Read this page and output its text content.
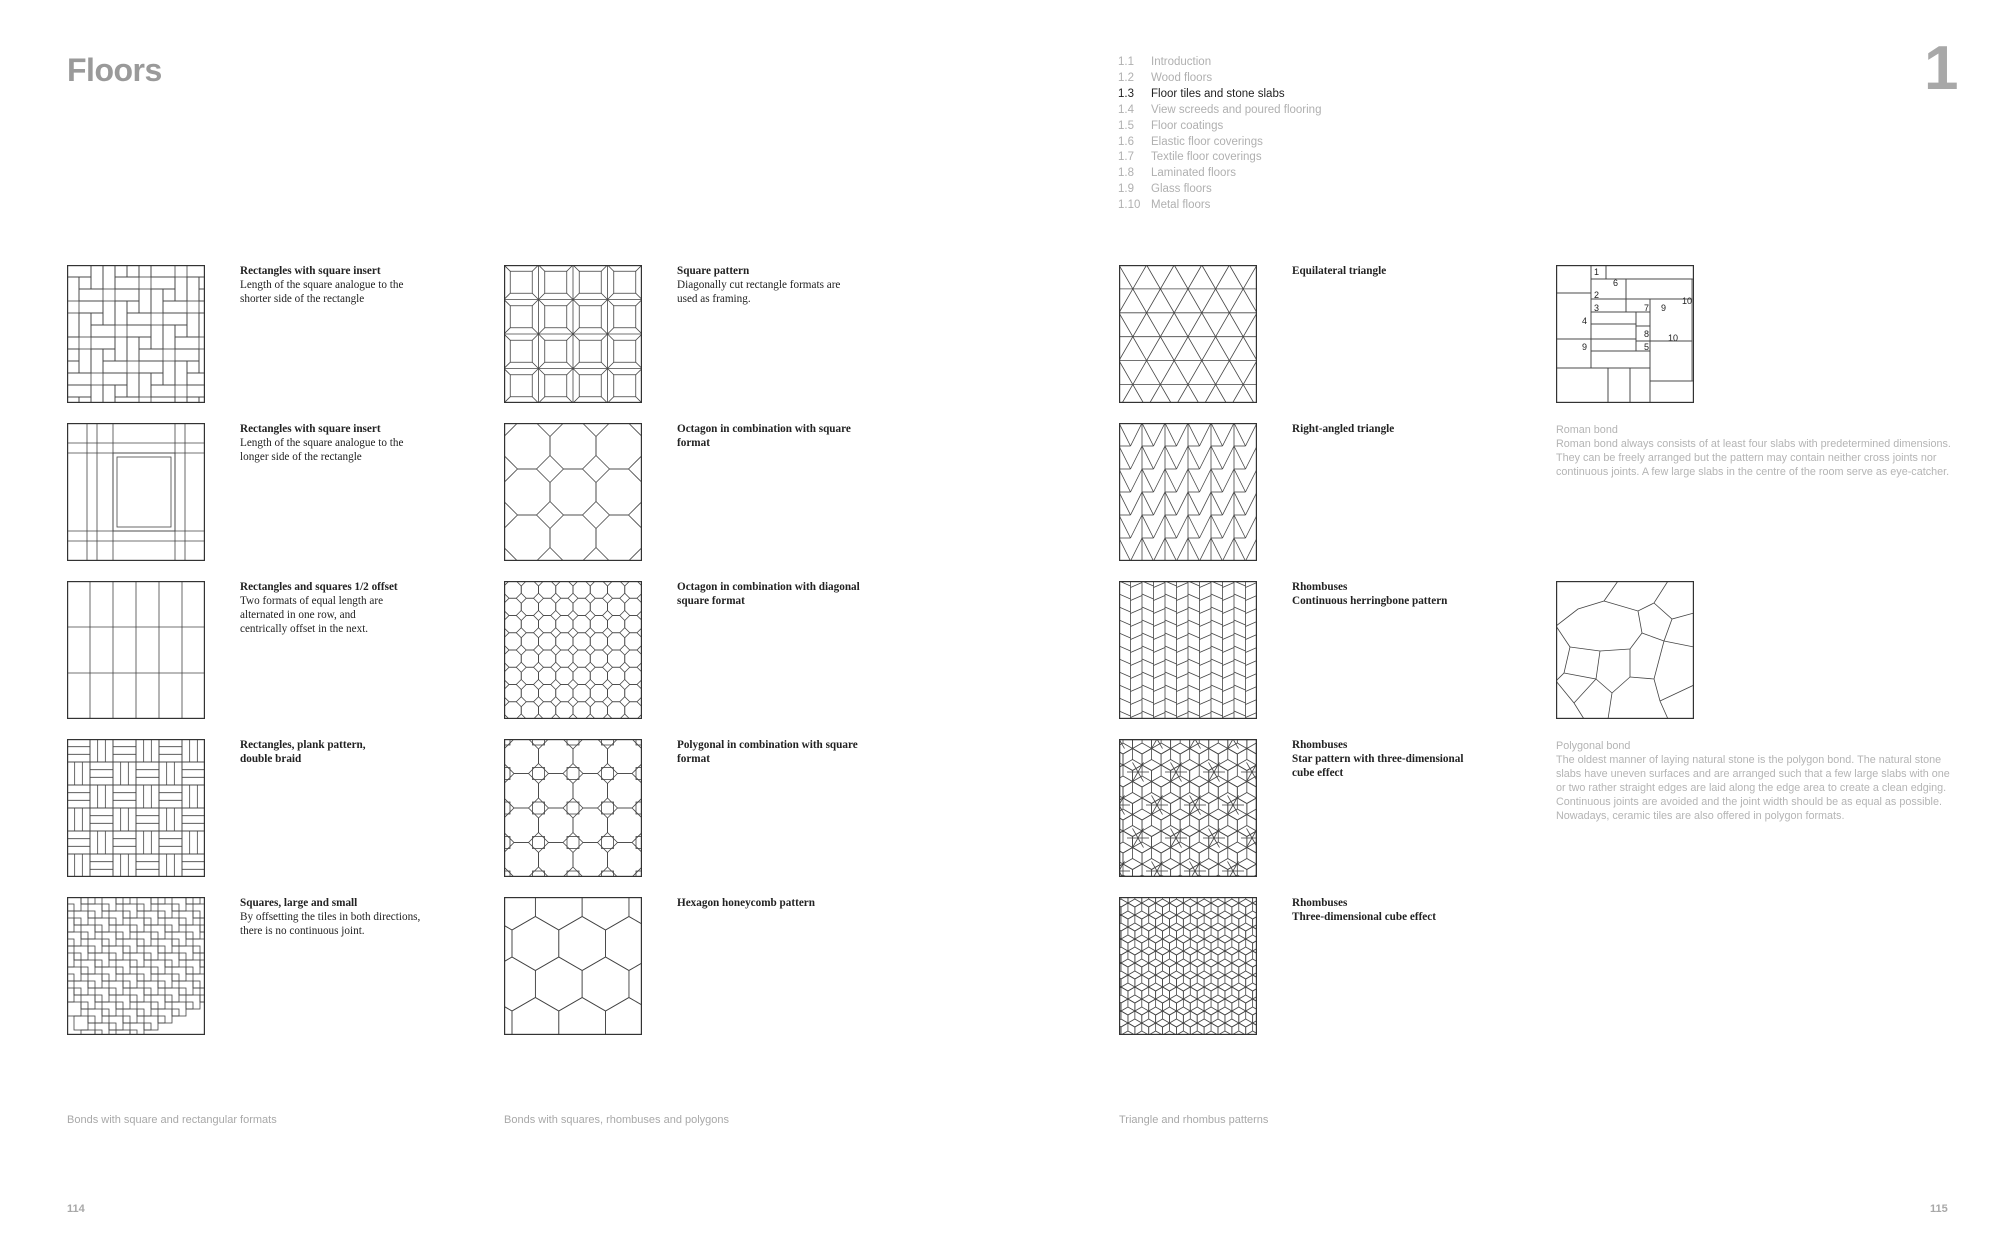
Floors	1
1.1	Introduction
1.2	Wood floors
1.3	Floor tiles and stone slabs
1.4	View screeds and poured flooring
1.5	Floor coatings
1.6	Elastic floor coverings
1.7	Textile floor coverings
1.8	Laminated floors
1.9	Glass floors
1.10 Metal floors
Rectangles with square insert
Length of the square analogue to the shorter side of the rectangle
Rectangles with square insert
Length of the square analogue to the longer side of the rectangle
Rectangles and squares 1/2 offset
Two formats of equal length are alternated in one row, and centrically offset in the next.
Rectangles, plank pattern, double braid
Squares, large and small
By offsetting the tiles in both directions, there is no continuous joint.
Square pattern
Diagonally cut rectangle formats are used as framing.
Octagon in combination with square format
Octagon in combination with diagonal square format
Polygonal in combination with square format
Hexagon honeycomb pattern
Equilateral triangle
Right-angled triangle
Rhombuses
Continuous herringbone pattern
Rhombuses
Star pattern with three-dimensional cube effect
Rhombuses
Three-dimensional cube effect
1
6
2
10
3	7 9
4
8 10
9	5
Roman bond
Roman bond always consists of at least four slabs with predetermined dimensions. They can be freely arranged but the pattern may contain neither cross joints nor continuous joints. A few large slabs in the centre of the room serve as eye-catcher.
Polygonal bond
The oldest manner of laying natural stone is the polygon bond. The natural stone slabs have uneven surfaces and are arranged such that a few large slabs with one or two rather straight edges are laid along the edge area to create a clean edging. Continuous joints are avoided and the joint width should be as equal as possible. Nowadays, ceramic tiles are also offered in polygon formats.
Bonds with square and rectangular formats	Bonds with squares, rhombuses and polygons	Triangle and rhombus patterns
114	115
